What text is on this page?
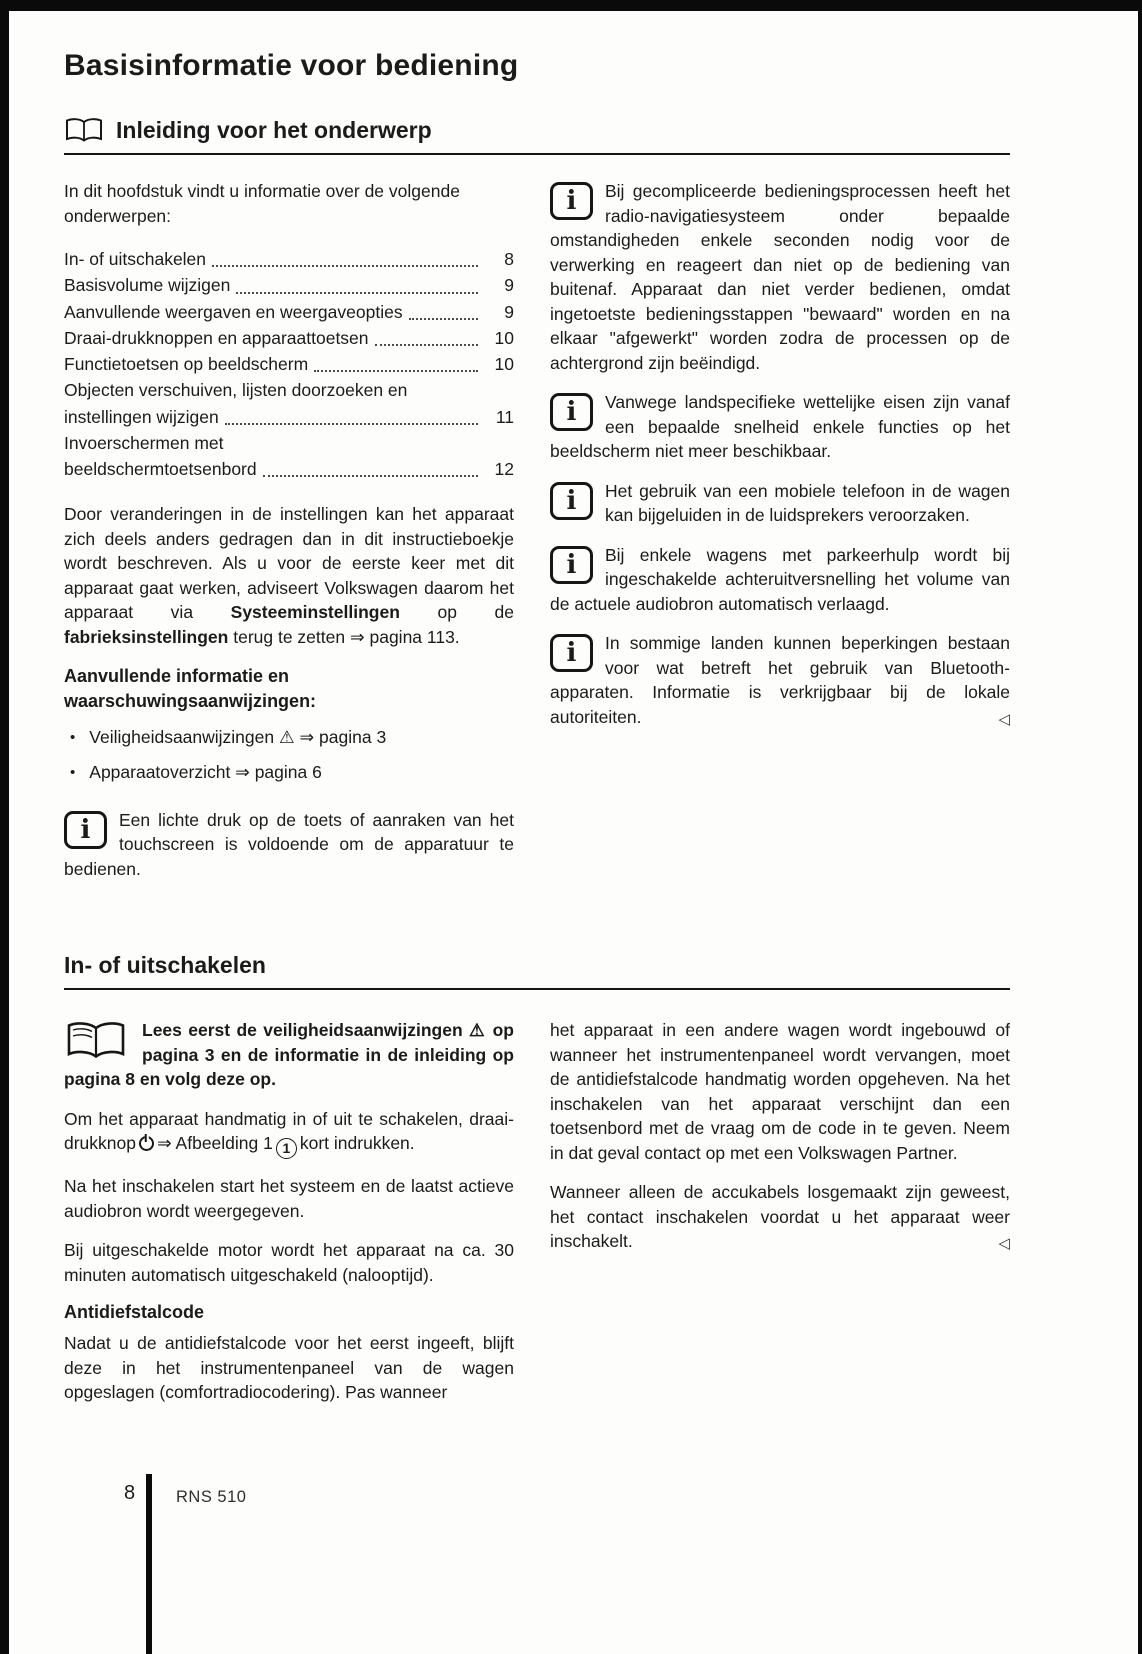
Basisinformatie voor bediening
Inleiding voor het onderwerp

In dit hoofdstuk vindt u informatie over de volgende onderwerpen:

In- of uitschakelen	8
Basisvolume wijzigen	9
Aanvullende weergaven en weergaveopties	9
Draai-drukknoppen en apparaattoetsen	10
Functietoetsen op beeldscherm	10
Objecten verschuiven, lijsten doorzoeken en
instellingen wijzigen	11
Invoerschermen met
beeldschermtoetsenbord	12

Door veranderingen in de instellingen kan het apparaat zich deels anders gedragen dan in dit instructieboekje wordt beschreven. Als u voor de eerste keer met dit apparaat gaat werken, adviseert Volkswagen daarom het apparaat via Systeeminstellingen op de fabrieksinstellingen terug te zetten ⇒ pagina 113.

Aanvullende informatie en waarschuwingsaanwijzingen:
• Veiligheidsaanwijzingen ⚠ ⇒ pagina 3
• Apparaatoverzicht ⇒ pagina 6
i Een lichte druk op de toets of aanraken van het touchscreen is voldoende om de apparatuur te bedienen.
i Bij gecompliceerde bedieningsprocessen heeft het radio-navigatiesysteem onder bepaalde omstandigheden enkele seconden nodig voor de verwerking en reageert dan niet op de bediening van buitenaf. Apparaat dan niet verder bedienen, omdat ingetoetste bedieningsstappen "bewaard" worden en na elkaar "afgewerkt" worden zodra de processen op de achtergrond zijn beëindigd.
i Vanwege landspecifieke wettelijke eisen zijn vanaf een bepaalde snelheid enkele functies op het beeldscherm niet meer beschikbaar.
i Het gebruik van een mobiele telefoon in de wagen kan bijgeluiden in de luidsprekers veroorzaken.
i Bij enkele wagens met parkeerhulp wordt bij ingeschakelde achteruitversnelling het volume van de actuele audiobron automatisch verlaagd.
i In sommige landen kunnen beperkingen bestaan voor wat betreft het gebruik van Bluetooth-apparaten. Informatie is verkrijgbaar bij de lokale autoriteiten.	◁
In- of uitschakelen
Lees eerst de veiligheidsaanwijzingen ⚠ op pagina 3 en de informatie in de inleiding op pagina 8 en volg deze op.

Om het apparaat handmatig in of uit te schakelen, draai-drukknop ⇒ Afbeelding 1 1 kort indrukken.

Na het inschakelen start het systeem en de laatst actieve audiobron wordt weergegeven.

Bij uitgeschakelde motor wordt het apparaat na ca. 30 minuten automatisch uitgeschakeld (nalooptijd).

Antidiefstalcode

Nadat u de antidiefstalcode voor het eerst ingeeft, blijft deze in het instrumentenpaneel van de wagen opgeslagen (comfortradiocodering). Pas wanneer

het apparaat in een andere wagen wordt ingebouwd of wanneer het instrumentenpaneel wordt vervangen, moet de antidiefstalcode handmatig worden opgeheven. Na het inschakelen van het apparaat verschijnt dan een toetsenbord met de vraag om de code in te geven. Neem in dat geval contact op met een Volkswagen Partner.

Wanneer alleen de accukabels losgemaakt zijn geweest, het contact inschakelen voordat u het apparaat weer inschakelt.	◁

8 RNS 510
